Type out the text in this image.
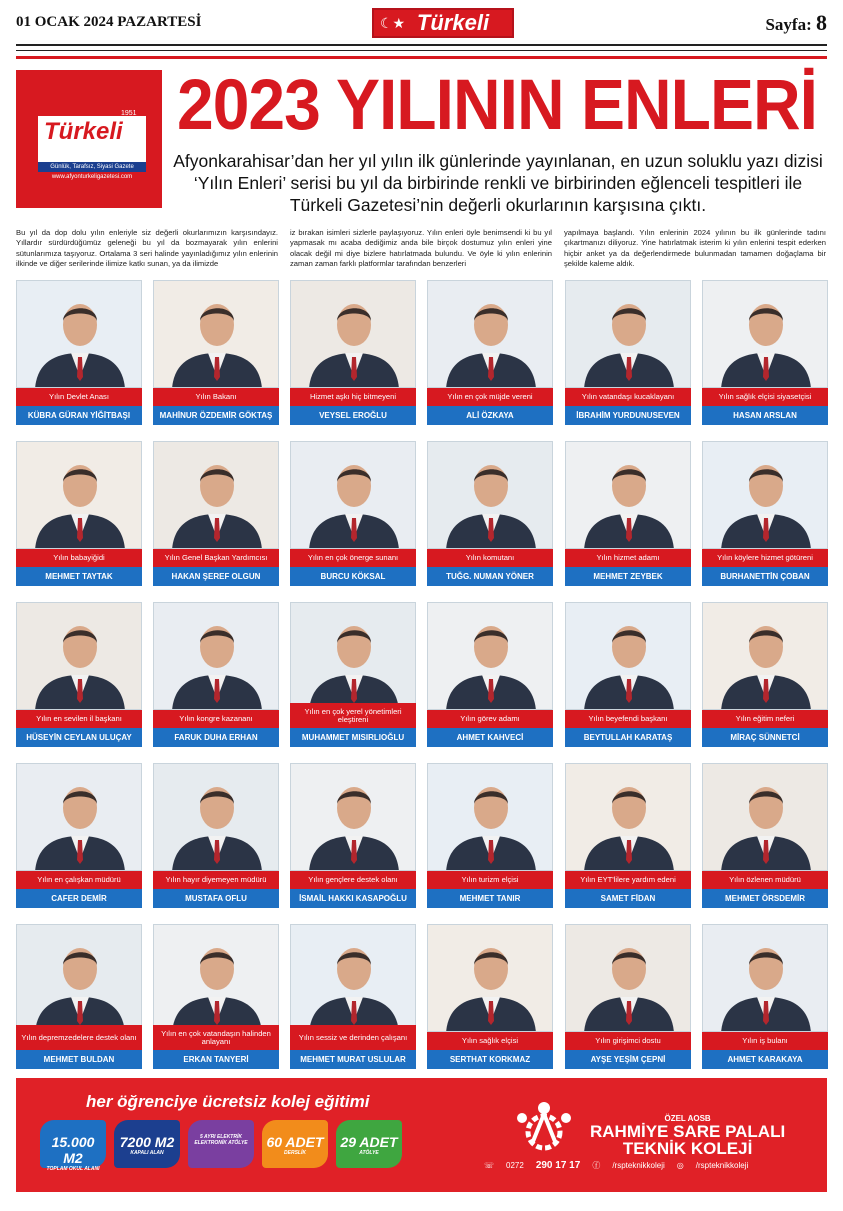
01 OCAK 2024 PAZARTESİ	☾★ Türkeli	Sayfa: 8
Türkeli
1951
Günlük, Tarafsız, Siyasi Gazete
www.afyonturkeligazetesi.com
2023 YILININ ENLERİ

Afyonkarahisar’dan her yıl yılın ilk günlerinde yayınlanan, en uzun soluklu yazı dizisi ‘Yılın Enleri’ serisi bu yıl da birbirinde renkli ve birbirinden eğlenceli tespitleri ile Türkeli Gazetesi’nin değerli okurlarının karşısına çıktı.

Bu yıl da dop dolu yılın enleriyle siz değerli okurlarımızın karşısındayız. Yıllardır sürdürdüğümüz geleneği bu yıl da bozmayarak yılın enlerini sütunlarımıza taşıyoruz. Ortalama 3 seri halinde yayınladığımız yılın enlerinin ilkinde ve diğer serilerinde ilimize katkı sunan, ya da ilimizde

iz bırakan isimleri sizlerle paylaşıyoruz. Yılın enleri öyle benimsendi ki bu yıl yapmasak mı acaba dediğimiz anda bile birçok dostumuz yılın enleri yine olacak değil mi diye bizlere hatırlatmada bulundu. Ve öyle ki yılın enlerinin zaman zaman farklı platformlar tarafından benzerleri

yapılmaya başlandı. Yılın enlerinin 2024 yılının bu ilk günlerinde tadını çıkartmanızı diliyoruz. Yine hatırlatmak isterim ki yılın enlerini tespit ederken hiçbir anket ya da değerlendirmede bulunmadan tamamen doğaçlama bir şekilde kaleme aldık.

Yılın Devlet Anası
KÜBRA GÜRAN YİĞİTBAŞI
Yılın Bakanı
MAHİNUR ÖZDEMİR GÖKTAŞ
Hizmet aşkı hiç bitmeyeni
VEYSEL EROĞLU
Yılın en çok müjde vereni
ALİ ÖZKAYA
Yılın vatandaşı kucaklayanı
İBRAHİM YURDUNUSEVEN
Yılın sağlık elçisi siyasetçisi
HASAN ARSLAN
Yılın babayiğidi
MEHMET TAYTAK
Yılın Genel Başkan Yardımcısı
HAKAN ŞEREF OLGUN
Yılın en çok önerge sunanı
BURCU KÖKSAL
Yılın komutanı
TUĞG. NUMAN YÖNER
Yılın hizmet adamı
MEHMET ZEYBEK
Yılın köylere hizmet götüreni
BURHANETTİN ÇOBAN
Yılın en sevilen il başkanı
HÜSEYİN CEYLAN ULUÇAY
Yılın kongre kazananı
FARUK DUHA ERHAN
Yılın en çok yerel yönetimleri eleştireni
MUHAMMET MISIRLIOĞLU
Yılın görev adamı
AHMET KAHVECİ
Yılın beyefendi başkanı
BEYTULLAH KARATAŞ
Yılın eğitim neferi
MİRAÇ SÜNNETCİ
Yılın en çalışkan müdürü
CAFER DEMİR
Yılın hayır diyemeyen müdürü
MUSTAFA OFLU
Yılın gençlere destek olanı
İSMAİL HAKKI KASAPOĞLU
Yılın turizm elçisi
MEHMET TANIR
Yılın EYT'lilere yardım edeni
SAMET FİDAN
Yılın özlenen müdürü
MEHMET ÖRSDEMİR
Yılın depremzedelere destek olanı
MEHMET BULDAN
Yılın en çok vatandaşın halinden anlayanı
ERKAN TANYERİ
Yılın sessiz ve derinden çalışanı
MEHMET MURAT USLULAR
Yılın sağlık elçisi
SERTHAT KORKMAZ
Yılın girişimci dostu
AYŞE YEŞİM ÇEPNİ
Yılın iş bulanı
AHMET KARAKAYA
her öğrenciye ücretsiz kolej eğitimi
15.000 M2
TOPLAM OKUL ALANI
7200 M2
KAPALI ALAN
5 AYRI ELEKTRİK ELEKTRONİK ATÖLYE	60 ADET
DERSLİK
29 ADET
ATÖLYE
ÖZEL AOSB
RAHMİYE SARE PALALI
TEKNİK KOLEJİ
☏ 0272 290 17 17 ⓕ /rspteknikkoleji ◎ /rspteknikkoleji
